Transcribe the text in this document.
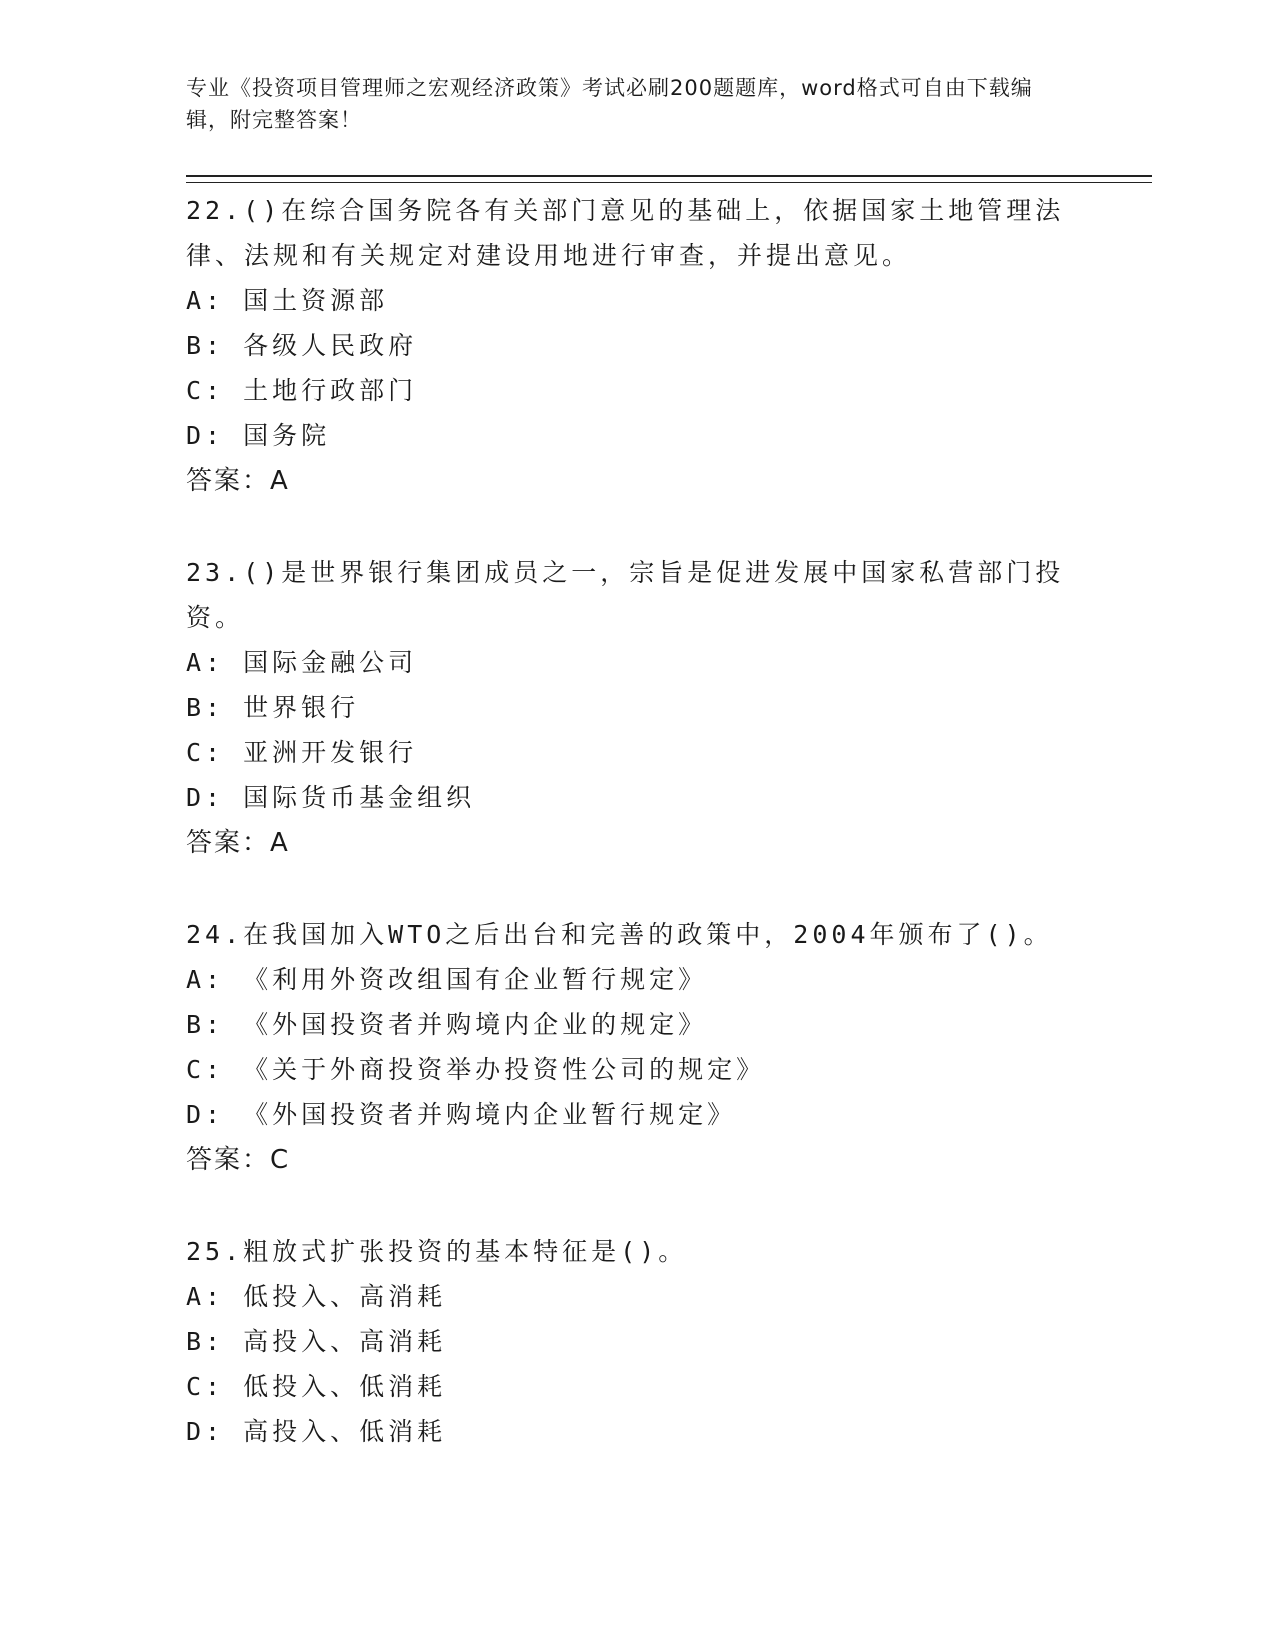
专业《投资项目管理师之宏观经济政策》考试必刷200题题库，word格式可自由下载编辑，附完整答案！

22.()在综合国务院各有关部门意见的基础上，依据国家土地管理法律、法规和有关规定对建设用地进行审查，并提出意见。

A: 国土资源部
B: 各级人民政府
C: 土地行政部门
D: 国务院
答案：A

23.()是世界银行集团成员之一，宗旨是促进发展中国家私营部门投资。

A: 国际金融公司
B: 世界银行
C: 亚洲开发银行
D: 国际货币基金组织
答案：A

24.在我国加入WTO之后出台和完善的政策中，2004年颁布了()。

A: 《利用外资改组国有企业暂行规定》
B: 《外国投资者并购境内企业的规定》
C: 《关于外商投资举办投资性公司的规定》
D: 《外国投资者并购境内企业暂行规定》
答案：C

25.粗放式扩张投资的基本特征是()。

A: 低投入、高消耗
B: 高投入、高消耗
C: 低投入、低消耗
D: 高投入、低消耗
